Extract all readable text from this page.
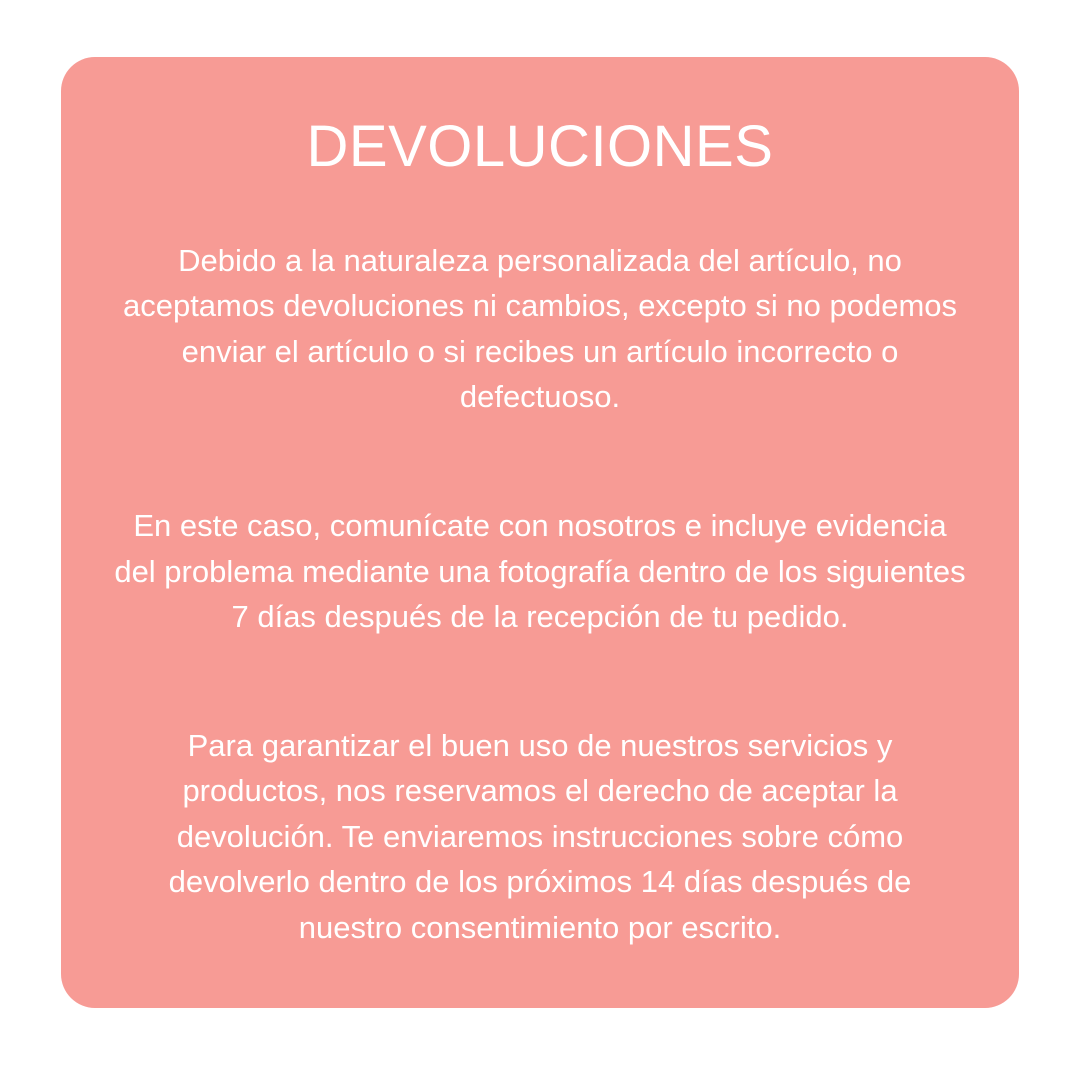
DEVOLUCIONES

Debido a la naturaleza personalizada del artículo, no aceptamos devoluciones ni cambios, excepto si no podemos enviar el artículo o si recibes un artículo incorrecto o defectuoso.

En este caso, comunícate con nosotros e incluye evidencia del problema mediante una fotografía dentro de los siguientes 7 días después de la recepción de tu pedido.

Para garantizar el buen uso de nuestros servicios y productos, nos reservamos el derecho de aceptar la devolución. Te enviaremos instrucciones sobre cómo devolverlo dentro de los próximos 14 días después de nuestro consentimiento por escrito.
